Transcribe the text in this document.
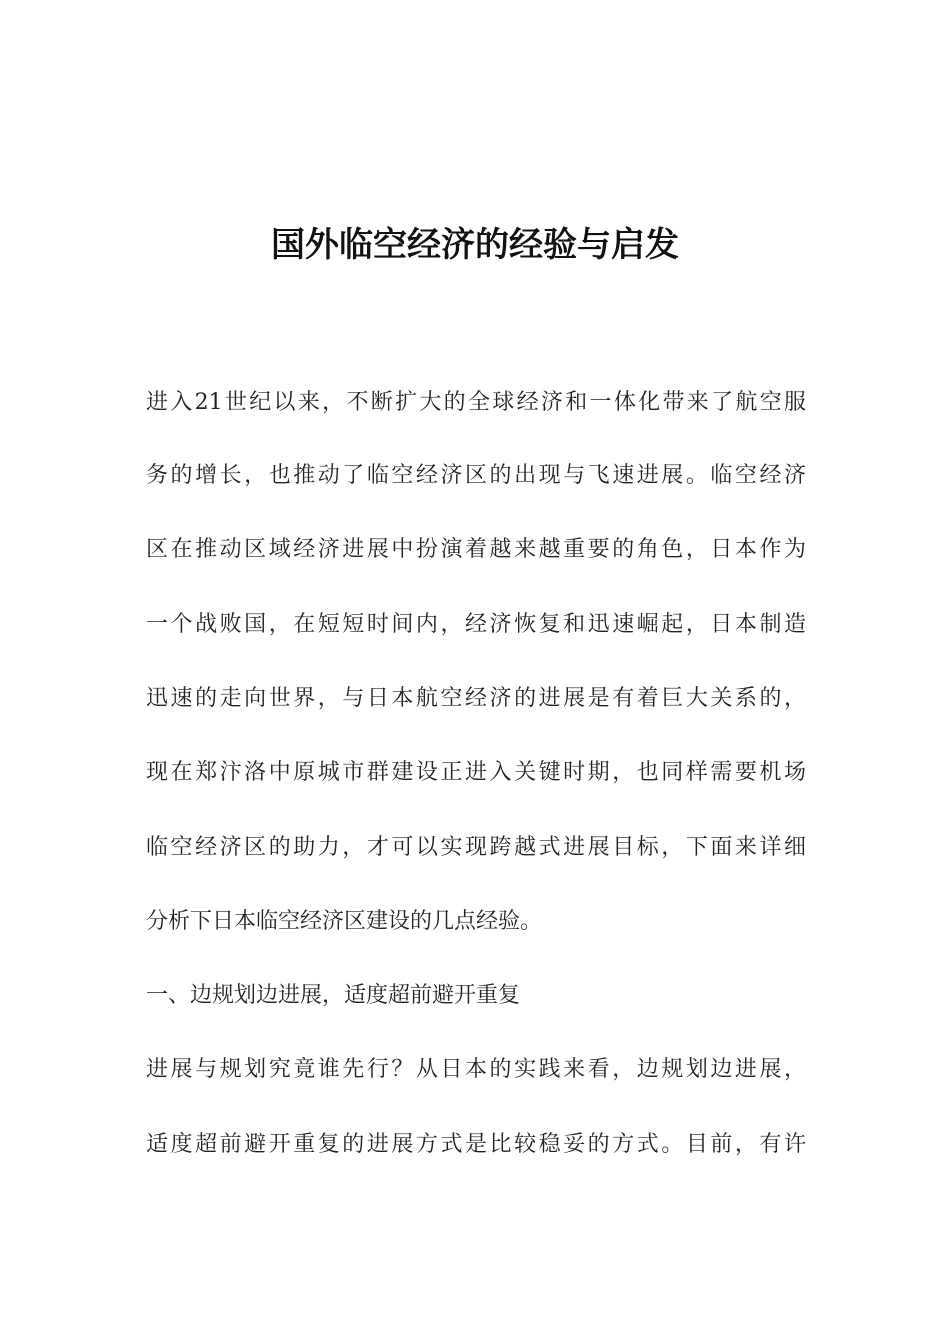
国外临空经济的经验与启发

进入21世纪以来，不断扩大的全球经济和一体化带来了航空服

务的增长，也推动了临空经济区的出现与飞速进展。临空经济

区在推动区域经济进展中扮演着越来越重要的角色，日本作为

一个战败国，在短短时间内，经济恢复和迅速崛起，日本制造

迅速的走向世界，与日本航空经济的进展是有着巨大关系的，

现在郑汴洛中原城市群建设正进入关键时期，也同样需要机场

临空经济区的助力，才可以实现跨越式进展目标，下面来详细

分析下日本临空经济区建设的几点经验。

一、边规划边进展，适度超前避开重复

进展与规划究竟谁先行？从日本的实践来看，边规划边进展，

适度超前避开重复的进展方式是比较稳妥的方式。目前，有许
